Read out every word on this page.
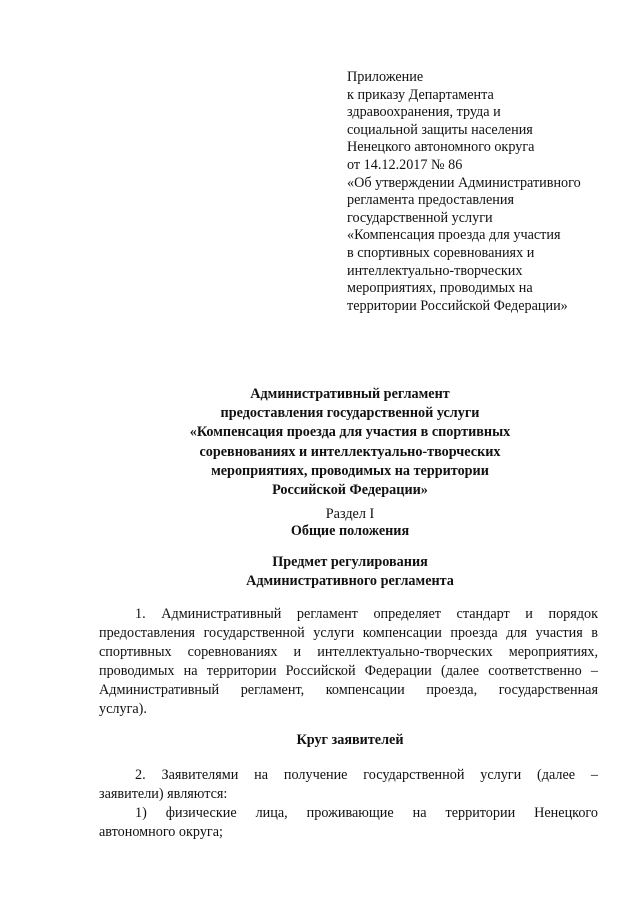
Приложение
к приказу Департамента
здравоохранения, труда и
социальной защиты населения
Ненецкого автономного округа
от 14.12.2017 № 86
«Об утверждении Административного
регламента предоставления
государственной услуги
«Компенсация проезда для участия
в спортивных соревнованиях и
интеллектуально-творческих
мероприятиях, проводимых на
территории Российской Федерации»
Административный регламент
предоставления государственной услуги
«Компенсация проезда для участия в спортивных
соревнованиях и интеллектуально-творческих
мероприятиях, проводимых на территории
Российской Федерации»
Раздел I
Общие положения
Предмет регулирования
Административного регламента
1. Административный регламент определяет стандарт и порядок
предоставления государственной услуги компенсации проезда для участия в
спортивных соревнованиях и интеллектуально-творческих мероприятиях,
проводимых на территории Российской Федерации (далее соответственно –
Административный регламент, компенсации проезда, государственная
услуга).
Круг заявителей
2. Заявителями на получение государственной услуги (далее –
заявители) являются:
1) физические лица, проживающие на территории Ненецкого
автономного округа;
